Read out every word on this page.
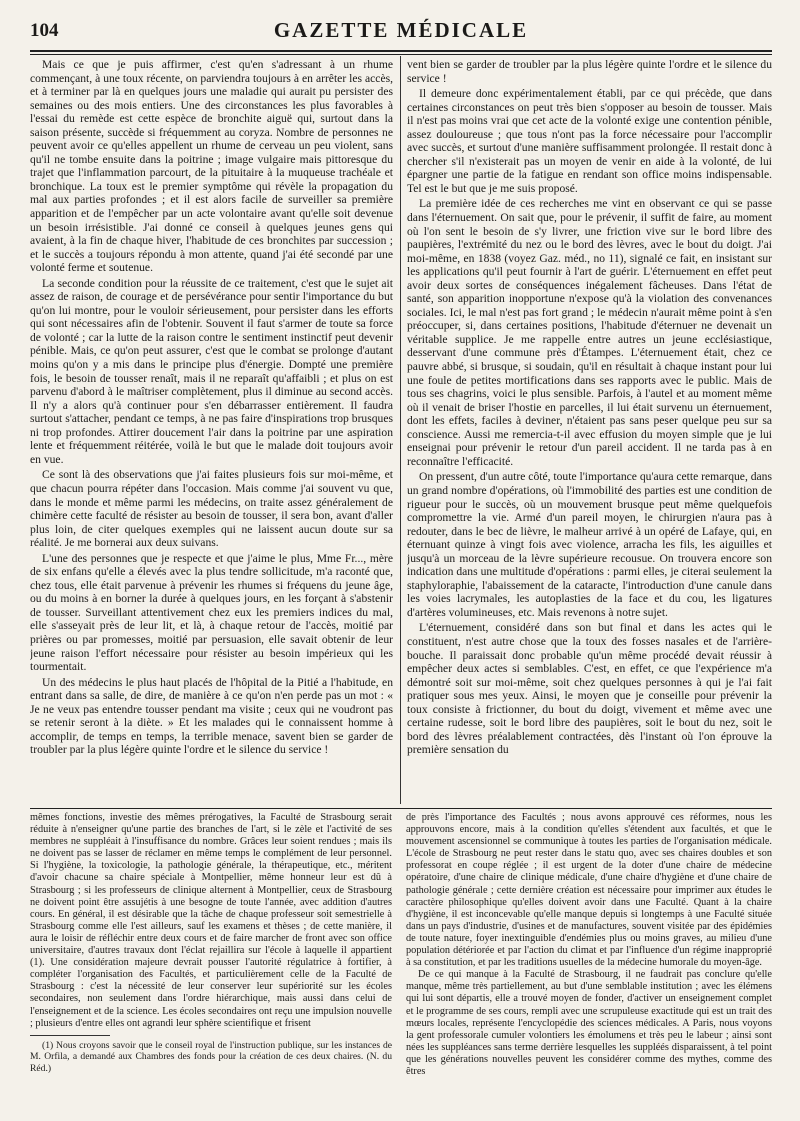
104	GAZETTE MÉDICALE

Mais ce que je puis affirmer, c'est qu'en s'adressant à un rhume commençant, à une toux récente, on parviendra toujours à en arrêter les accès, et à terminer par là en quelques jours une maladie qui aurait pu persister des semaines ou des mois entiers. Une des circonstances les plus favorables à l'essai du remède est cette espèce de bronchite aiguë qui, surtout dans la saison présente, succède si fréquemment au coryza. Nombre de personnes ne peuvent avoir ce qu'elles appellent un rhume de cerveau un peu violent, sans qu'il ne tombe ensuite dans la poitrine ; image vulgaire mais pittoresque du trajet que l'inflammation parcourt, de la pituitaire à la muqueuse trachéale et bronchique. La toux est le premier symptôme qui révèle la propagation du mal aux parties profondes ; et il est alors facile de surveiller sa première apparition et de l'empêcher par un acte volontaire avant qu'elle soit devenue un besoin irrésistible. J'ai donné ce conseil à quelques jeunes gens qui avaient, à la fin de chaque hiver, l'habitude de ces bronchites par succession ; et le succès a toujours répondu à mon attente, quand j'ai été secondé par une volonté ferme et soutenue.

La seconde condition pour la réussite de ce traitement, c'est que le sujet ait assez de raison, de courage et de persévérance pour sentir l'importance du but qu'on lui montre, pour le vouloir sérieusement, pour persister dans les efforts qui sont nécessaires afin de l'obtenir. Souvent il faut s'armer de toute sa force de volonté ; car la lutte de la raison contre le sentiment instinctif peut devenir pénible. Mais, ce qu'on peut assurer, c'est que le combat se prolonge d'autant moins qu'on y a mis dans le principe plus d'énergie. Dompté une première fois, le besoin de tousser renaît, mais il ne reparaît qu'affaibli ; et plus on est parvenu d'abord à le maîtriser complètement, plus il diminue au second accès. Il n'y a alors qu'à continuer pour s'en débarrasser entièrement. Il faudra surtout s'attacher, pendant ce temps, à ne pas faire d'inspirations trop brusques ni trop profondes. Attirer doucement l'air dans la poitrine par une aspiration lente et fréquemment réitérée, voilà le but que le malade doit toujours avoir en vue.

Ce sont là des observations que j'ai faites plusieurs fois sur moi-même, et que chacun pourra répéter dans l'occasion. Mais comme j'ai souvent vu que, dans le monde et même parmi les médecins, on traite assez généralement de chimère cette faculté de résister au besoin de tousser, il sera bon, avant d'aller plus loin, de citer quelques exemples qui ne laissent aucun doute sur sa réalité. Je me bornerai aux deux suivans.

L'une des personnes que je respecte et que j'aime le plus, Mme Fr..., mère de six enfans qu'elle a élevés avec la plus tendre sollicitude, m'a raconté que, chez tous, elle était parvenue à prévenir les rhumes si fréquens du jeune âge, ou du moins à en borner la durée à quelques jours, en les forçant à s'abstenir de tousser. Surveillant attentivement chez eux les premiers indices du mal, elle s'asseyait près de leur lit, et là, à chaque retour de l'accès, moitié par prières ou par promesses, moitié par persuasion, elle savait obtenir de leur jeune raison l'effort nécessaire pour résister au besoin impérieux qui les tourmentait.

Un des médecins le plus haut placés de l'hôpital de la Pitié a l'habitude, en entrant dans sa salle, de dire, de manière à ce qu'on n'en perde pas un mot : « Je ne veux pas entendre tousser pendant ma visite ; ceux qui ne voudront pas se retenir seront à la diète. » Et les malades qui le connaissent homme à accomplir, de temps en temps, la terrible menace, savent bien se garder de troubler par la plus légère quinte l'ordre et le silence du service !

vent bien se garder de troubler par la plus légère quinte l'ordre et le silence du service !

Il demeure donc expérimentalement établi, par ce qui précède, que dans certaines circonstances on peut très bien s'opposer au besoin de tousser. Mais il n'est pas moins vrai que cet acte de la volonté exige une contention pénible, assez douloureuse ; que tous n'ont pas la force nécessaire pour l'accomplir avec succès, et surtout d'une manière suffisamment prolongée. Il restait donc à chercher s'il n'existerait pas un moyen de venir en aide à la volonté, de lui épargner une partie de la fatigue en rendant son office moins indispensable. Tel est le but que je me suis proposé.

La première idée de ces recherches me vint en observant ce qui se passe dans l'éternuement. On sait que, pour le prévenir, il suffit de faire, au moment où l'on sent le besoin de s'y livrer, une friction vive sur le bord libre des paupières, l'extrémité du nez ou le bord des lèvres, avec le bout du doigt. J'ai moi-même, en 1838 (voyez Gaz. méd., no 11), signalé ce fait, en insistant sur les applications qu'il peut fournir à l'art de guérir. L'éternuement en effet peut avoir deux sortes de conséquences inégalement fâcheuses. Dans l'état de santé, son apparition inopportune n'expose qu'à la violation des convenances sociales. Ici, le mal n'est pas fort grand ; le médecin n'aurait même point à s'en préoccuper, si, dans certaines positions, l'habitude d'éternuer ne devenait un véritable supplice. Je me rappelle entre autres un jeune ecclésiastique, desservant d'une commune près d'Étampes. L'éternuement était, chez ce pauvre abbé, si brusque, si soudain, qu'il en résultait à chaque instant pour lui une foule de petites mortifications dans ses rapports avec le public. Mais de tous ses chagrins, voici le plus sensible. Parfois, à l'autel et au moment même où il venait de briser l'hostie en parcelles, il lui était survenu un éternuement, dont les effets, faciles à deviner, n'étaient pas sans peser quelque peu sur sa conscience. Aussi me remercia-t-il avec effusion du moyen simple que je lui enseignai pour prévenir le retour d'un pareil accident. Il ne tarda pas à en reconnaître l'efficacité.

On pressent, d'un autre côté, toute l'importance qu'aura cette remarque, dans un grand nombre d'opérations, où l'immobilité des parties est une condition de rigueur pour le succès, où un mouvement brusque peut même quelquefois compromettre la vie. Armé d'un pareil moyen, le chirurgien n'aura pas à redouter, dans le bec de lièvre, le malheur arrivé à un opéré de Lafaye, qui, en éternuant quinze à vingt fois avec violence, arracha les fils, les aiguilles et jusqu'à un morceau de la lèvre supérieure recousue. On trouvera encore son indication dans une multitude d'opérations : parmi elles, je citerai seulement la staphyloraphie, l'abaissement de la cataracte, l'introduction d'une canule dans les voies lacrymales, les autoplasties de la face et du cou, les ligatures d'artères volumineuses, etc. Mais revenons à notre sujet.

L'éternuement, considéré dans son but final et dans les actes qui le constituent, n'est autre chose que la toux des fosses nasales et de l'arrière-bouche. Il paraissait donc probable qu'un même procédé devait réussir à empêcher deux actes si semblables. C'est, en effet, ce que l'expérience m'a démontré soit sur moi-même, soit chez quelques personnes à qui je l'ai fait pratiquer sous mes yeux. Ainsi, le moyen que je conseille pour prévenir la toux consiste à frictionner, du bout du doigt, vivement et même avec une certaine rudesse, soit le bord libre des paupières, soit le bout du nez, soit le bord des lèvres préalablement contractées, dès l'instant où l'on éprouve la première sensation du

mêmes fonctions, investie des mêmes prérogatives, la Faculté de Strasbourg serait réduite à n'enseigner qu'une partie des branches de l'art, si le zèle et l'activité de ses membres ne suppléait à l'insuffisance du nombre. Grâces leur soient rendues ; mais ils ne doivent pas se lasser de réclamer en même temps le complément de leur personnel. Si l'hygiène, la toxicologie, la pathologie générale, la thérapeutique, etc., méritent d'avoir chacune sa chaire spéciale à Montpellier, même honneur leur est dû à Strasbourg ; si les professeurs de clinique alternent à Montpellier, ceux de Strasbourg ne doivent point être assujétis à une besogne de toute l'année, avec addition d'autres cours. En général, il est désirable que la tâche de chaque professeur soit semestrielle à Strasbourg comme elle l'est ailleurs, sauf les examens et thèses ; de cette manière, il aura le loisir de réfléchir entre deux cours et de faire marcher de front avec son office universitaire, d'autres travaux dont l'éclat rejaillira sur l'école à laquelle il appartient (1). Une considération majeure devrait pousser l'autorité régulatrice à fortifier, à compléter l'organisation des Facultés, et particulièrement celle de la Faculté de Strasbourg : c'est la nécessité de leur conserver leur supériorité sur les écoles secondaires, non seulement dans l'ordre hiérarchique, mais aussi dans celui de l'enseignement et de la science. Les écoles secondaires ont reçu une impulsion nouvelle ; plusieurs d'entre elles ont agrandi leur sphère scientifique et frisent

(1) Nous croyons savoir que le conseil royal de l'instruction publique, sur les instances de M. Orfila, a demandé aux Chambres des fonds pour la création de ces deux chaires. (N. du Réd.)

de près l'importance des Facultés ; nous avons approuvé ces réformes, nous les approuvons encore, mais à la condition qu'elles s'étendent aux facultés, et que le mouvement ascensionnel se communique à toutes les parties de l'organisation médicale. L'école de Strasbourg ne peut rester dans le statu quo, avec ses chaires doubles et son professorat en coupe réglée ; il est urgent de la doter d'une chaire de médecine opératoire, d'une chaire de clinique médicale, d'une chaire d'hygiène et d'une chaire de pathologie générale ; cette dernière création est nécessaire pour imprimer aux études le caractère philosophique qu'elles doivent avoir dans une Faculté. Quant à la chaire d'hygiène, il est inconcevable qu'elle manque depuis si longtemps à une Faculté située dans un pays d'industrie, d'usines et de manufactures, souvent visitée par des épidémies de toute nature, foyer inextinguible d'endémies plus ou moins graves, au milieu d'une population détériorée et par l'action du climat et par l'influence d'un régime inapproprié à sa constitution, et par les traditions usuelles de la médecine humorale du moyen-âge.

De ce qui manque à la Faculté de Strasbourg, il ne faudrait pas conclure qu'elle manque, même très partiellement, au but d'une semblable institution ; avec les élémens qui lui sont départis, elle a trouvé moyen de fonder, d'activer un enseignement complet et le programme de ses cours, rempli avec une scrupuleuse exactitude qui est un trait des mœurs locales, représente l'encyclopédie des sciences médicales. A Paris, nous voyons la gent professorale cumuler volontiers les émolumens et très peu le labeur ; ainsi sont nées les suppléances sans terme derrière lesquelles les suppléés disparaissent, à tel point que les générations nouvelles peuvent les considérer comme des mythes, comme des êtres
